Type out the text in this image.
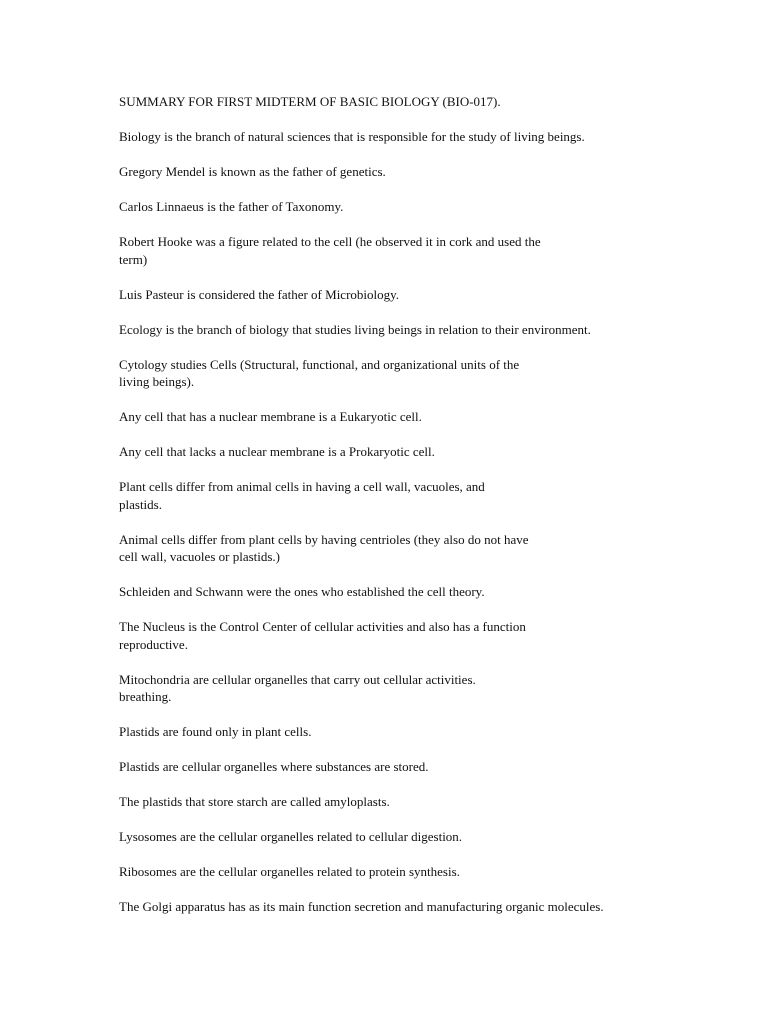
SUMMARY FOR FIRST MIDTERM OF BASIC BIOLOGY (BIO-017).
Biology is the branch of natural sciences that is responsible for the study of living beings.
Gregory Mendel is known as the father of genetics.
Carlos Linnaeus is the father of Taxonomy.
Robert Hooke was a figure related to the cell (he observed it in cork and used the
term)
Luis Pasteur is considered the father of Microbiology.
Ecology is the branch of biology that studies living beings in relation to their environment.
Cytology studies Cells (Structural, functional, and organizational units of the
living beings).
Any cell that has a nuclear membrane is a Eukaryotic cell.
Any cell that lacks a nuclear membrane is a Prokaryotic cell.
Plant cells differ from animal cells in having a cell wall, vacuoles, and
plastids.
Animal cells differ from plant cells by having centrioles (they also do not have
cell wall, vacuoles or plastids.)
Schleiden and Schwann were the ones who established the cell theory.
The Nucleus is the Control Center of cellular activities and also has a function
reproductive.
Mitochondria are cellular organelles that carry out cellular activities.
breathing.
Plastids are found only in plant cells.
Plastids are cellular organelles where substances are stored.
The plastids that store starch are called amyloplasts.
Lysosomes are the cellular organelles related to cellular digestion.
Ribosomes are the cellular organelles related to protein synthesis.
The Golgi apparatus has as its main function secretion and manufacturing organic molecules.
